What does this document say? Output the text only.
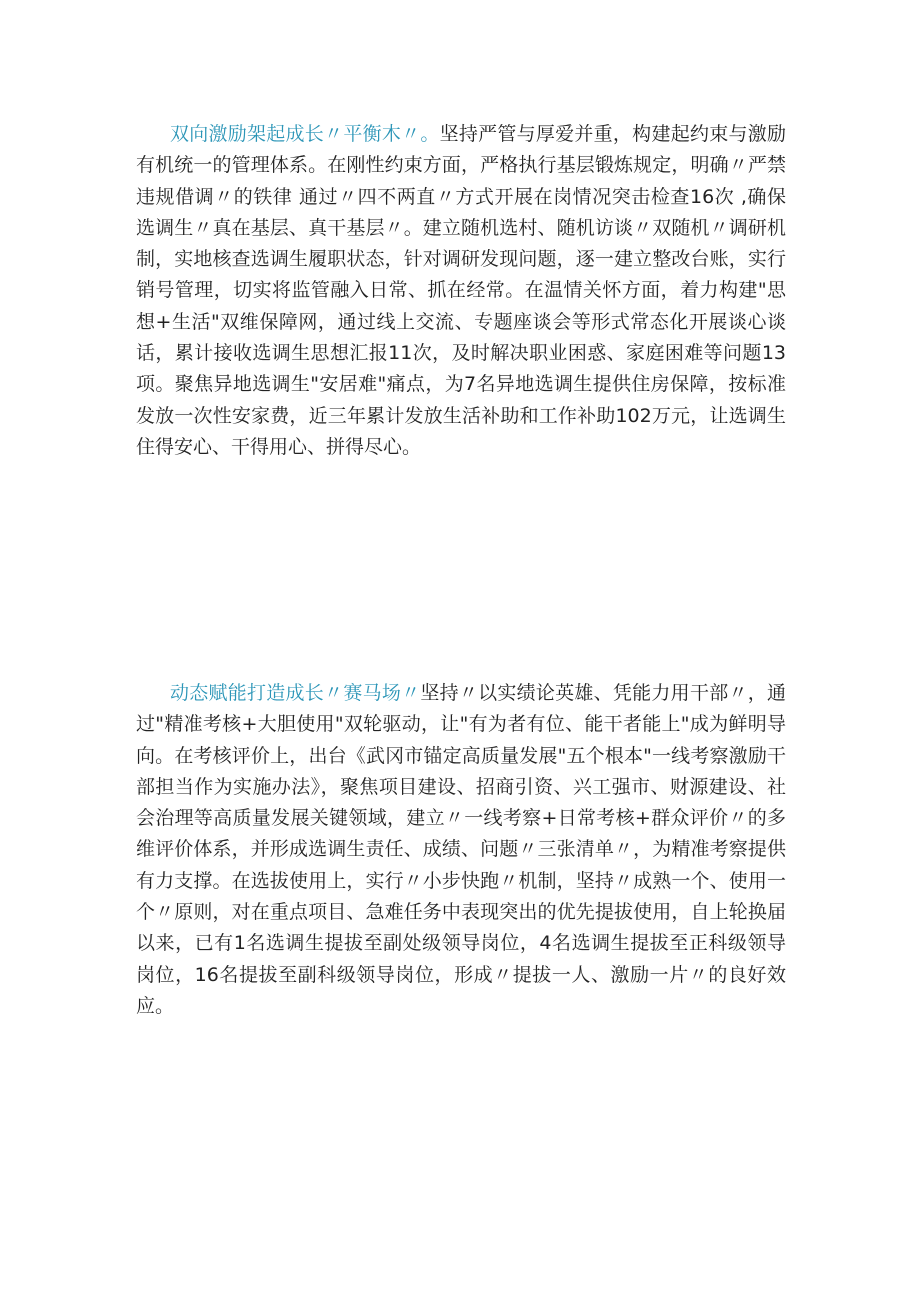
双向激励架起成长〃平衡木〃。坚持严管与厚爱并重，构建起约束与激励有机统一的管理体系。在刚性约束方面，严格执行基层锻炼规定，明确〃严禁违规借调〃的铁律 通过〃四不两直〃方式开展在岗情况突击检查16次 ,确保选调生〃真在基层、真干基层〃。建立随机选村、随机访谈〃双随机〃调研机制，实地核查选调生履职状态，针对调研发现问题，逐一建立整改台账，实行销号管理，切实将监管融入日常、抓在经常。在温情关怀方面，着力构建"思想+生活"双维保障网，通过线上交流、专题座谈会等形式常态化开展谈心谈话，累计接收选调生思想汇报11次，及时解决职业困惑、家庭困难等问题13项。聚焦异地选调生"安居难"痛点，为7名异地选调生提供住房保障，按标准发放一次性安家费，近三年累计发放生活补助和工作补助102万元，让选调生住得安心、干得用心、拼得尽心。

动态赋能打造成长〃赛马场〃坚持〃以实绩论英雄、凭能力用干部〃，通过"精准考核+大胆使用"双轮驱动，让"有为者有位、能干者能上"成为鲜明导向。在考核评价上，出台《武冈市锚定高质量发展"五个根本"一线考察激励干部担当作为实施办法》，聚焦项目建设、招商引资、兴工强市、财源建设、社会治理等高质量发展关键领域，建立〃一线考察+日常考核+群众评价〃的多维评价体系，并形成选调生责任、成绩、问题〃三张清单〃，为精准考察提供有力支撑。在选拔使用上，实行〃小步快跑〃机制，坚持〃成熟一个、使用一个〃原则，对在重点项目、急难任务中表现突出的优先提拔使用，自上轮换届以来，已有1名选调生提拔至副处级领导岗位，4名选调生提拔至正科级领导岗位，16名提拔至副科级领导岗位，形成〃提拔一人、激励一片〃的良好效应。
